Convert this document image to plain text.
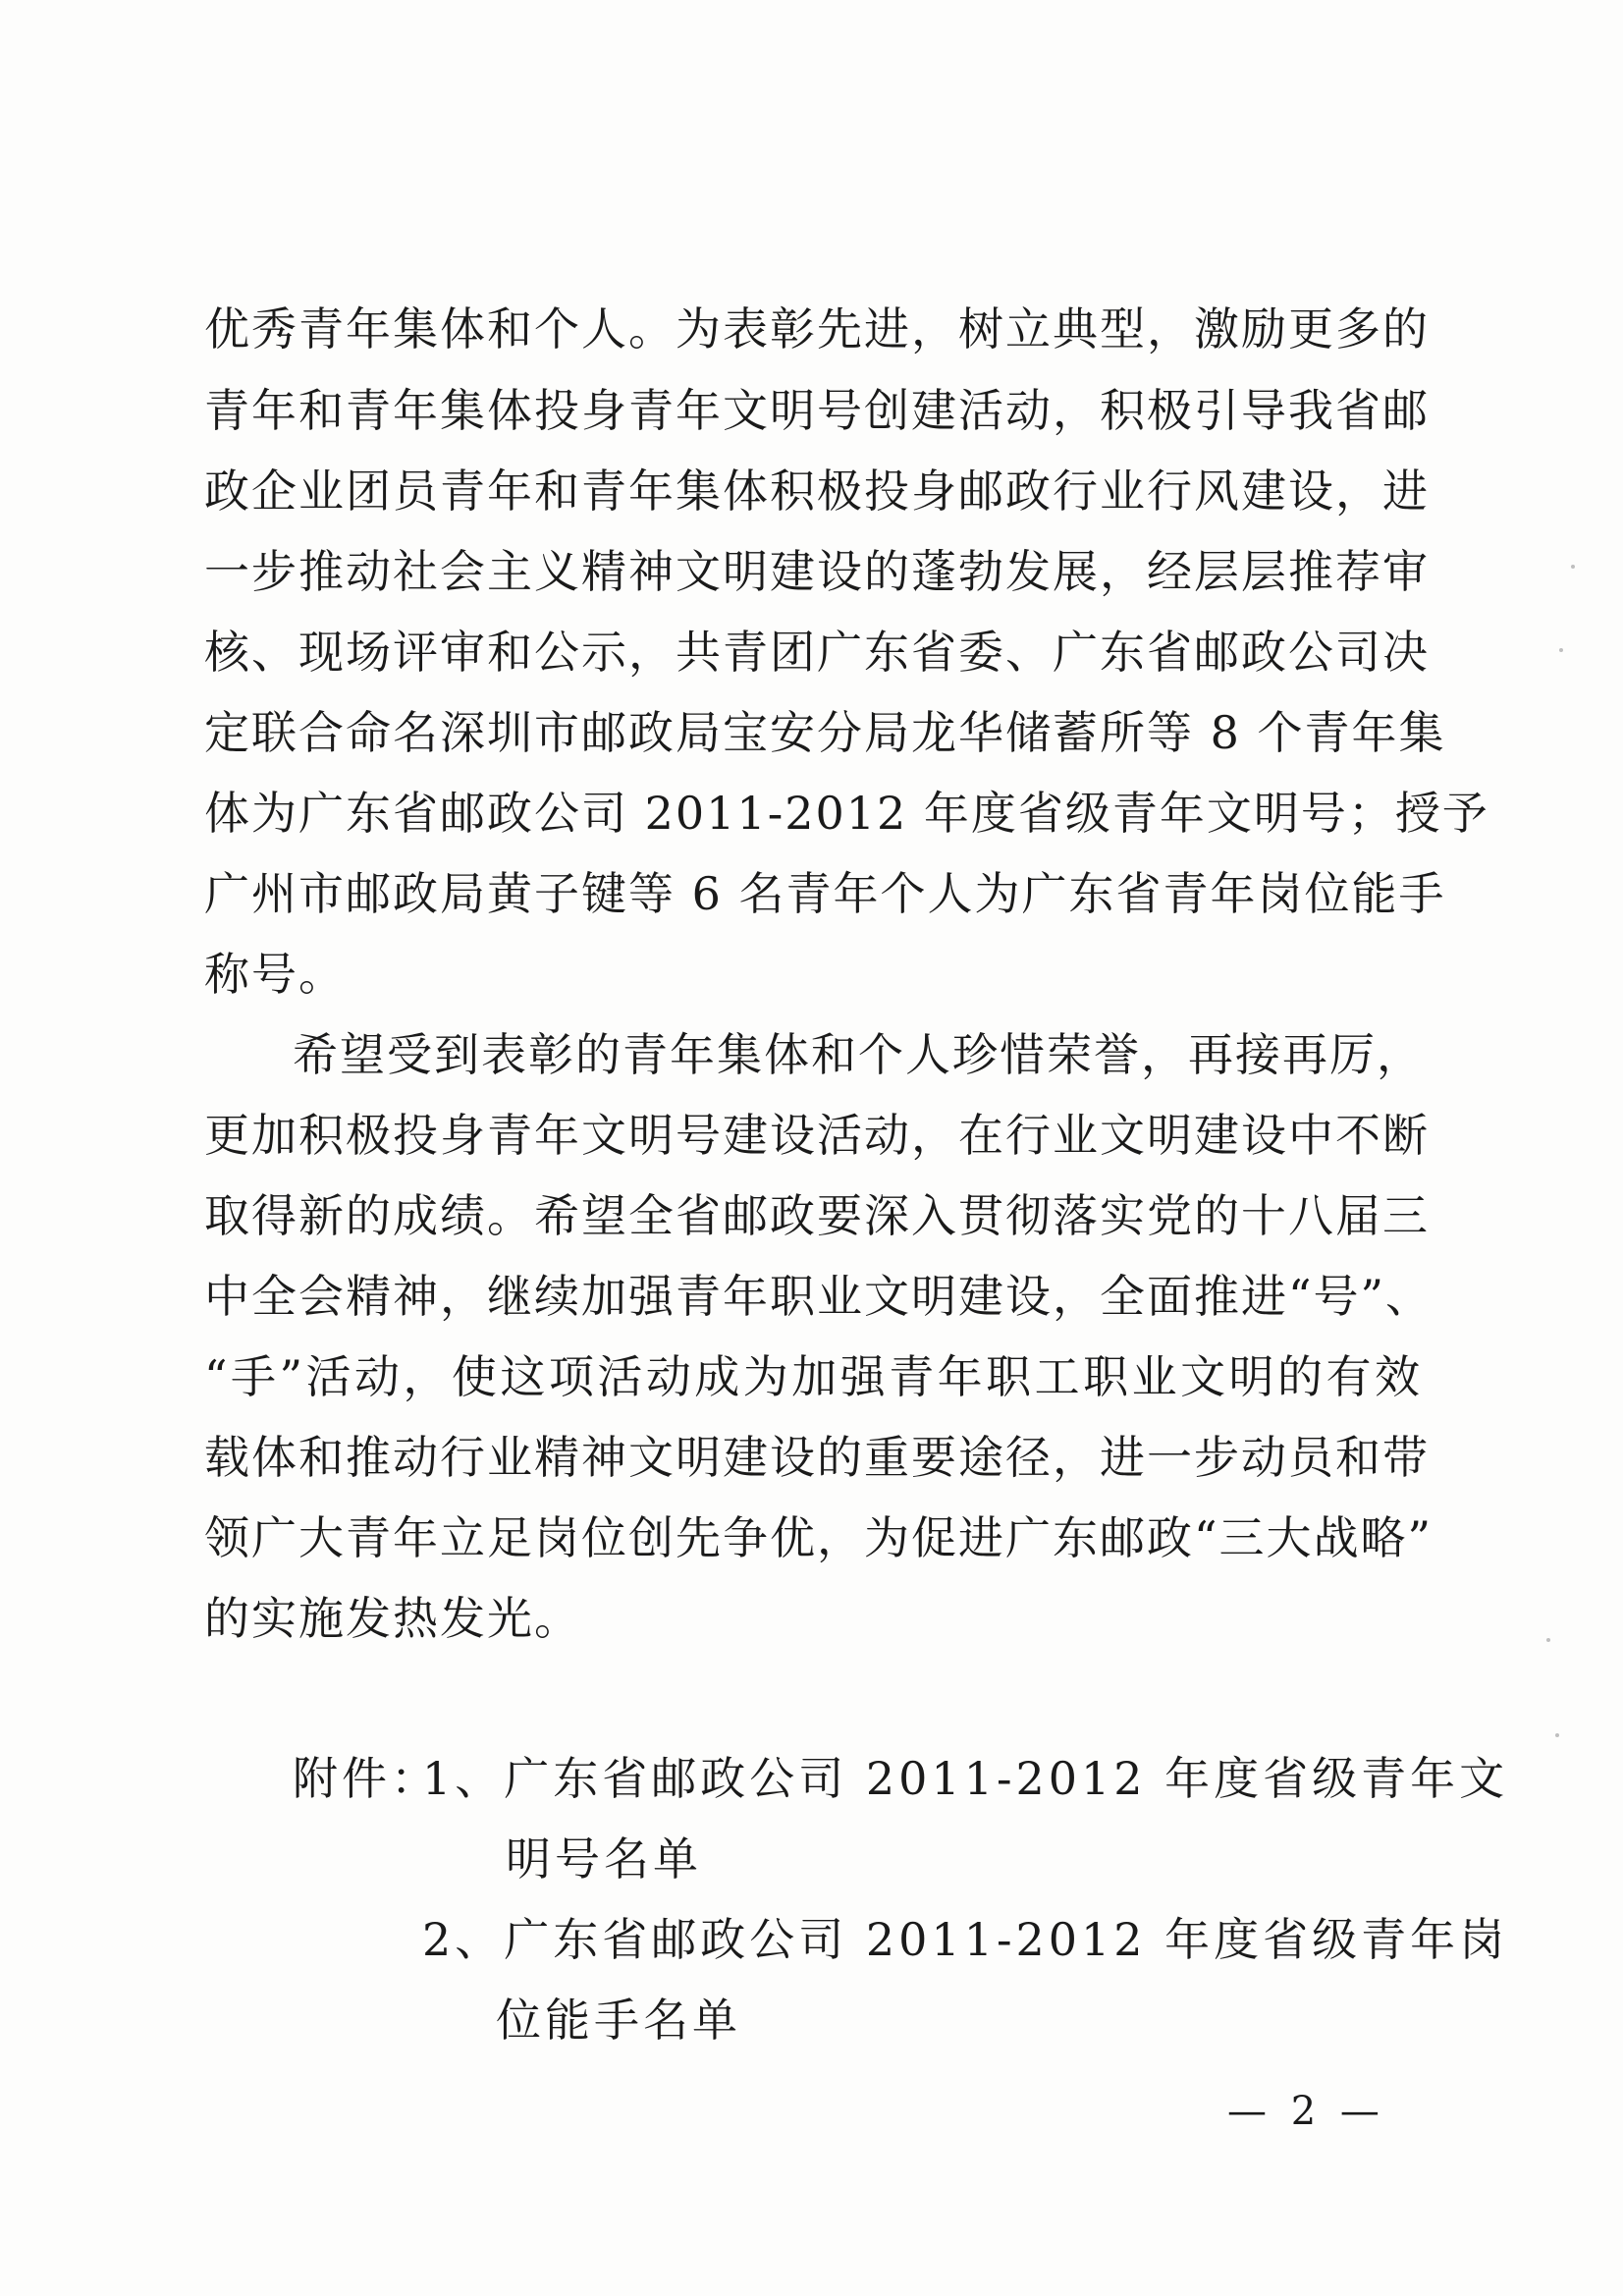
优秀青年集体和个人。为表彰先进，树立典型，激励更多的
青年和青年集体投身青年文明号创建活动，积极引导我省邮
政企业团员青年和青年集体积极投身邮政行业行风建设，进
一步推动社会主义精神文明建设的蓬勃发展，经层层推荐审
核、现场评审和公示，共青团广东省委、广东省邮政公司决
定联合命名深圳市邮政局宝安分局龙华储蓄所等 8 个青年集
体为广东省邮政公司 2011-2012 年度省级青年文明号；授予
广州市邮政局黄子键等 6 名青年个人为广东省青年岗位能手
称号。
希望受到表彰的青年集体和个人珍惜荣誉，再接再厉，
更加积极投身青年文明号建设活动，在行业文明建设中不断
取得新的成绩。希望全省邮政要深入贯彻落实党的十八届三
中全会精神，继续加强青年职业文明建设，全面推进“号”、
“手”活动，使这项活动成为加强青年职工职业文明的有效
载体和推动行业精神文明建设的重要途径，进一步动员和带
领广大青年立足岗位创先争优，为促进广东邮政“三大战略”
的实施发热发光。
附件：
1、广东省邮政公司 2011-2012 年度省级青年文
明号名单
2、广东省邮政公司 2011-2012 年度省级青年岗
位能手名单
— 2 —
